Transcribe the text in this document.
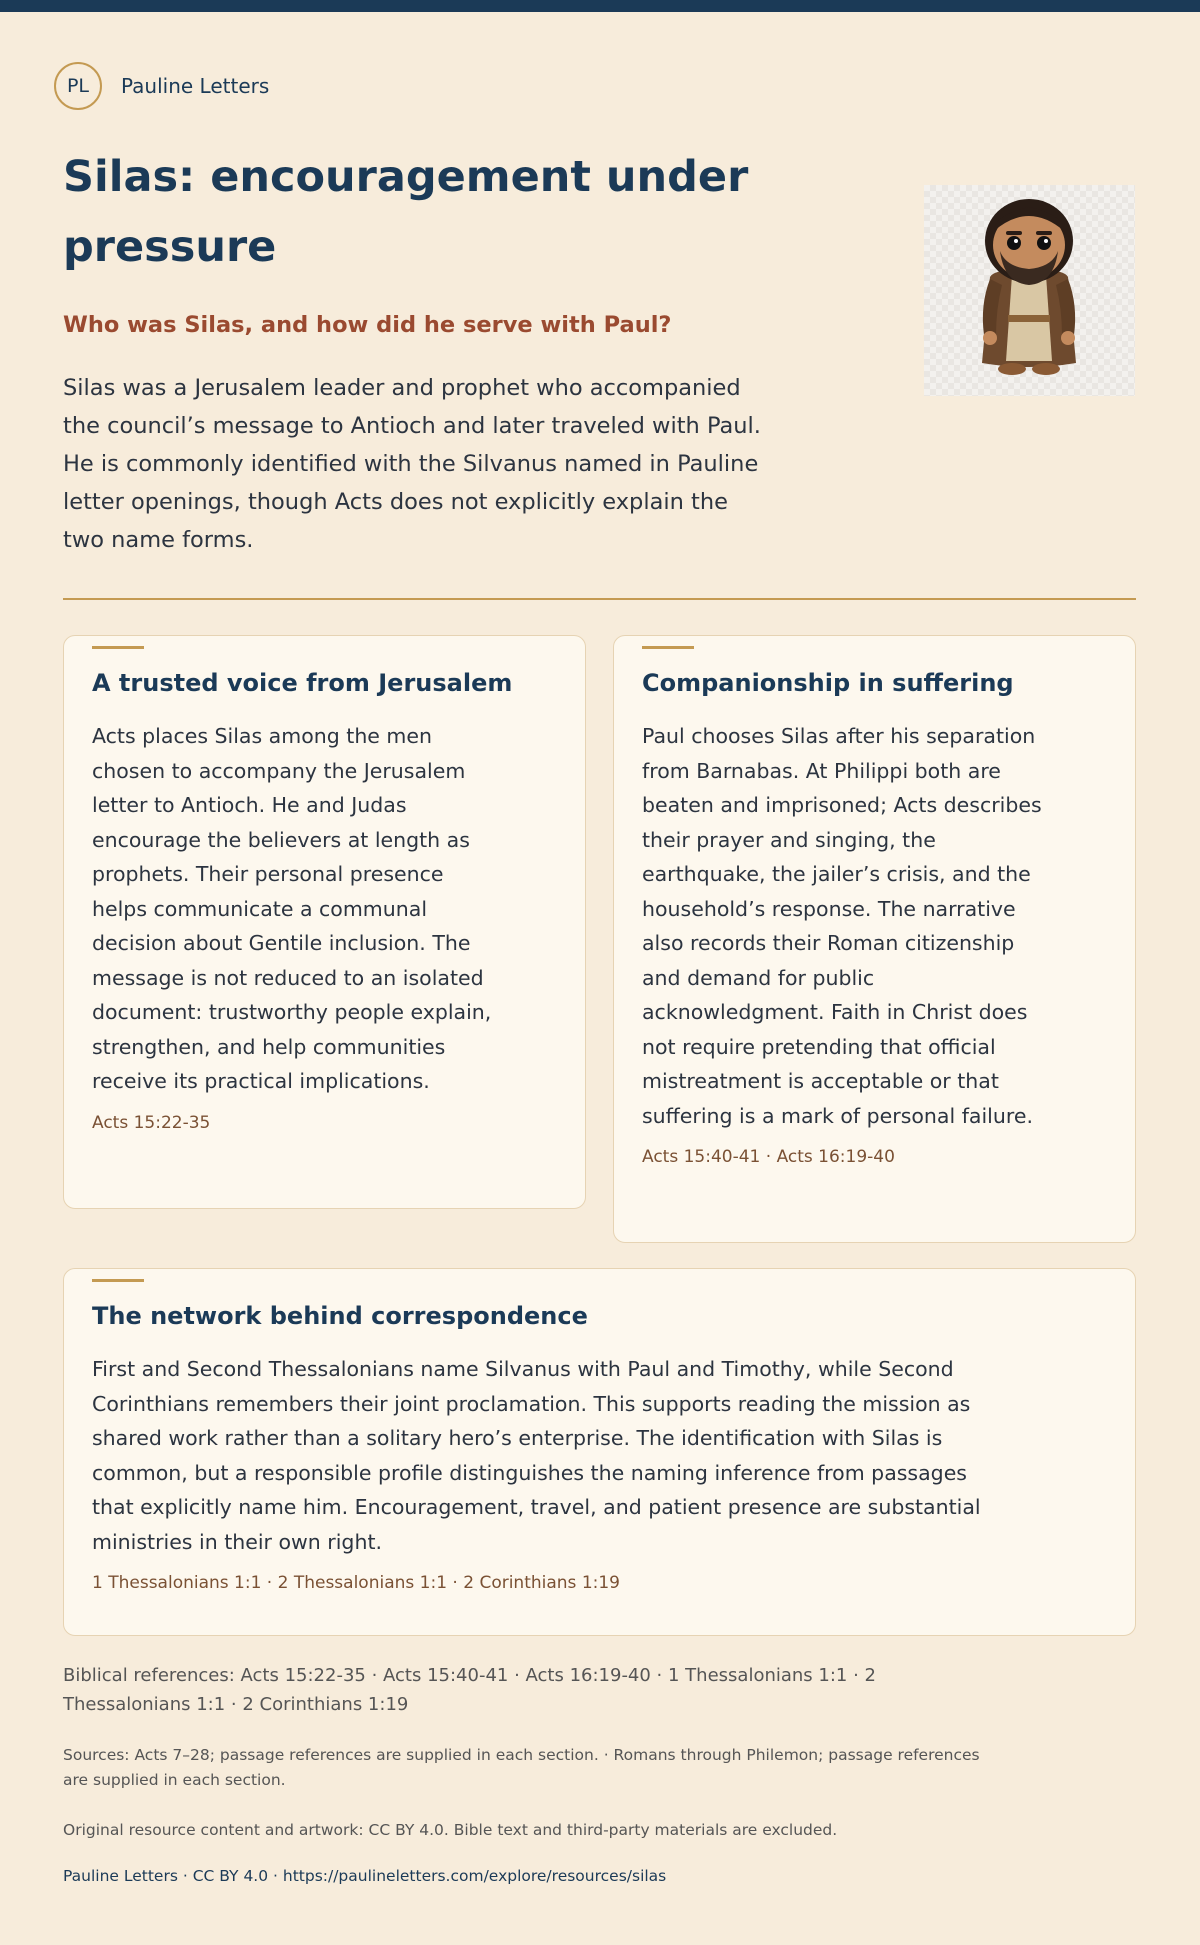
PL	Pauline Letters
Silas: encouragement under pressure
Who was Silas, and how did he serve with Paul?

Silas was a Jerusalem leader and prophet who accompanied the council’s message to Antioch and later traveled with Paul. He is commonly identified with the Silvanus named in Pauline letter openings, though Acts does not explicitly explain the two name forms.

A trusted voice from Jerusalem

Acts places Silas among the men chosen to accompany the Jerusalem letter to Antioch. He and Judas encourage the believers at length as prophets. Their personal presence helps communicate a communal decision about Gentile inclusion. The message is not reduced to an isolated document: trustworthy people explain, strengthen, and help communities receive its practical implications.

Acts 15:22-35
Companionship in suffering

Paul chooses Silas after his separation from Barnabas. At Philippi both are beaten and imprisoned; Acts describes their prayer and singing, the earthquake, the jailer’s crisis, and the household’s response. The narrative also records their Roman citizenship and demand for public acknowledgment. Faith in Christ does not require pretending that official mistreatment is acceptable or that suffering is a mark of personal failure.

Acts 15:40-41 · Acts 16:19-40
The network behind correspondence

First and Second Thessalonians name Silvanus with Paul and Timothy, while Second Corinthians remembers their joint proclamation. This supports reading the mission as shared work rather than a solitary hero’s enterprise. The identification with Silas is common, but a responsible profile distinguishes the naming inference from passages that explicitly name him. Encouragement, travel, and patient presence are substantial ministries in their own right.

1 Thessalonians 1:1 · 2 Thessalonians 1:1 · 2 Corinthians 1:19

Biblical references: Acts 15:22-35 · Acts 15:40-41 · Acts 16:19-40 · 1 Thessalonians 1:1 · 2 Thessalonians 1:1 · 2 Corinthians 1:19

Sources: Acts 7–28; passage references are supplied in each section. · Romans through Philemon; passage references are supplied in each section.

Original resource content and artwork: CC BY 4.0. Bible text and third-party materials are excluded.

Pauline Letters · CC BY 4.0 · https://paulineletters.com/explore/resources/silas
